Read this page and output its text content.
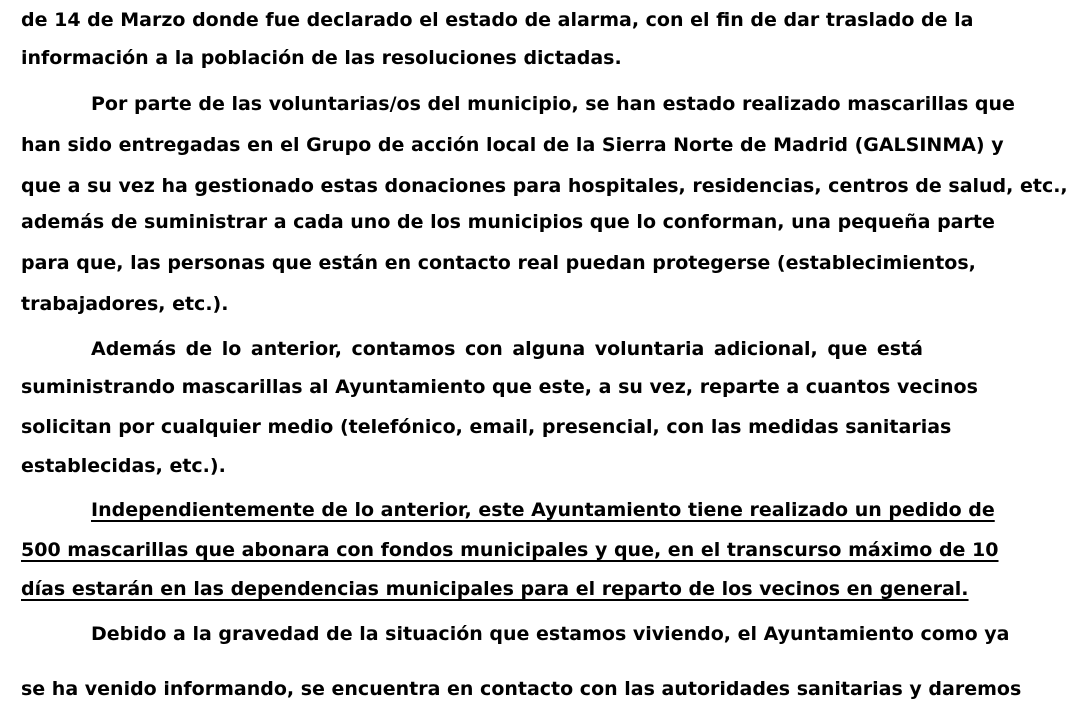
de 14 de Marzo donde fue declarado el estado de alarma, con el fin de dar traslado de la
información a la población de las resoluciones dictadas.
Por parte de las voluntarias/os del municipio, se han estado realizado mascarillas que
han sido entregadas en el Grupo de acción local de la Sierra Norte de Madrid (GALSINMA) y
que a su vez ha gestionado estas donaciones para hospitales, residencias, centros de salud, etc.,
además de suministrar a cada uno de los municipios que lo conforman, una pequeña parte
para que, las personas que están en contacto real puedan protegerse (establecimientos,
trabajadores, etc.).
Además de lo anterior, contamos con alguna voluntaria adicional, que está
suministrando mascarillas al Ayuntamiento que este, a su vez, reparte a cuantos vecinos
solicitan por cualquier medio (telefónico, email, presencial, con las medidas sanitarias
establecidas, etc.).
Independientemente de lo anterior, este Ayuntamiento tiene realizado un pedido de
500 mascarillas que abonara con fondos municipales y que, en el transcurso máximo de 10
días estarán en las dependencias municipales para el reparto de los vecinos en general.
Debido a la gravedad de la situación que estamos viviendo, el Ayuntamiento como ya
se ha venido informando, se encuentra en contacto con las autoridades sanitarias y daremos
